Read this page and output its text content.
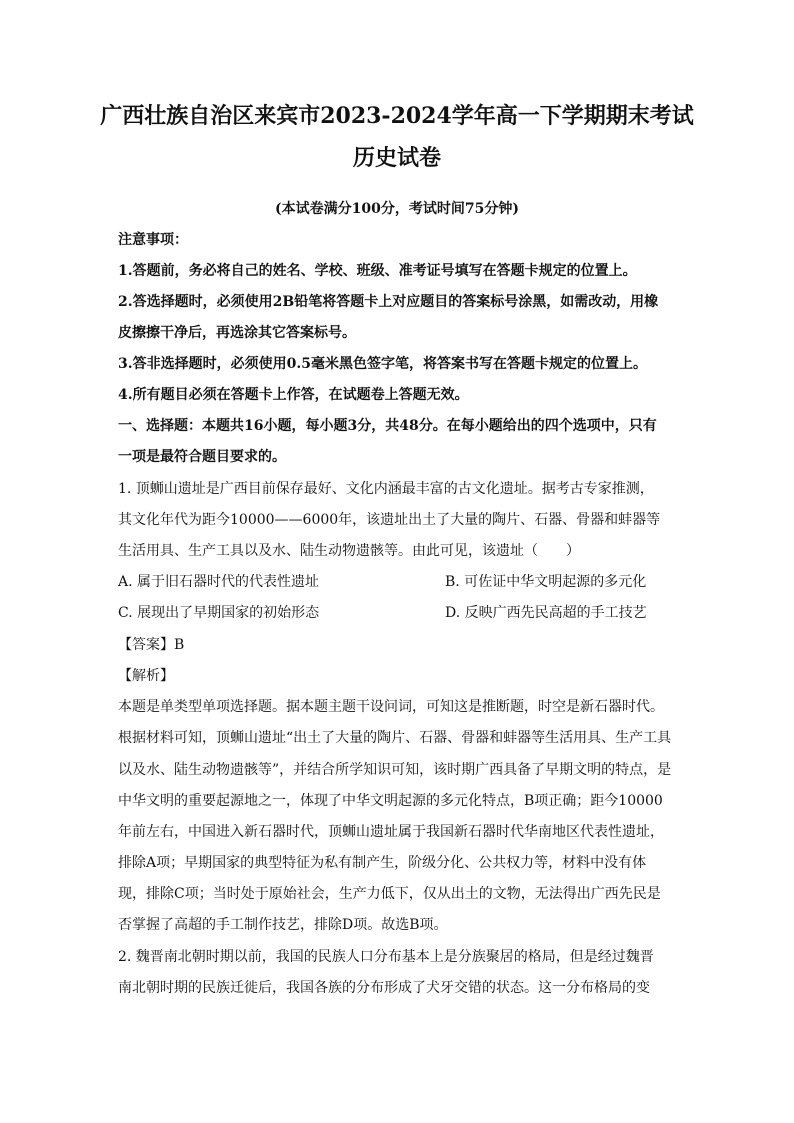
广西壮族自治区来宾市2023-2024学年高一下学期期末考试
历史试卷
(本试卷满分100分，考试时间75分钟)
注意事项：
1.答题前，务必将自己的姓名、学校、班级、准考证号填写在答题卡规定的位置上。
2.答选择题时，必须使用2B铅笔将答题卡上对应题目的答案标号涂黑，如需改动，用橡
皮擦擦干净后，再选涂其它答案标号。
3.答非选择题时，必须使用0.5毫米黑色签字笔，将答案书写在答题卡规定的位置上。
4.所有题目必须在答题卡上作答，在试题卷上答题无效。
一、选择题：本题共16小题，每小题3分，共48分。在每小题给出的四个选项中，只有
一项是最符合题目要求的。
1. 顶蛳山遗址是广西目前保存最好、文化内涵最丰富的古文化遗址。据考古专家推测，
其文化年代为距今10000——6000年，该遗址出土了大量的陶片、石器、骨器和蚌器等
生活用具、生产工具以及水、陆生动物遗骸等。由此可见，该遗址（　　）
A. 属于旧石器时代的代表性遗址	B. 可佐证中华文明起源的多元化
C. 展现出了早期国家的初始形态	D. 反映广西先民高超的手工技艺
【答案】B
【解析】
本题是单类型单项选择题。据本题主题干设问词，可知这是推断题，时空是新石器时代。
根据材料可知，顶蛳山遗址“出土了大量的陶片、石器、骨器和蚌器等生活用具、生产工具
以及水、陆生动物遗骸等”，并结合所学知识可知，该时期广西具备了早期文明的特点，是
中华文明的重要起源地之一，体现了中华文明起源的多元化特点，B项正确；距今10000
年前左右，中国进入新石器时代，顶蛳山遗址属于我国新石器时代华南地区代表性遗址，
排除A项；早期国家的典型特征为私有制产生，阶级分化、公共权力等，材料中没有体
现，排除C项；当时处于原始社会，生产力低下，仅从出土的文物，无法得出广西先民是
否掌握了高超的手工制作技艺，排除D项。故选B项。
2. 魏晋南北朝时期以前，我国的民族人口分布基本上是分族聚居的格局，但是经过魏晋
南北朝时期的民族迁徙后，我国各族的分布形成了犬牙交错的状态。这一分布格局的变
